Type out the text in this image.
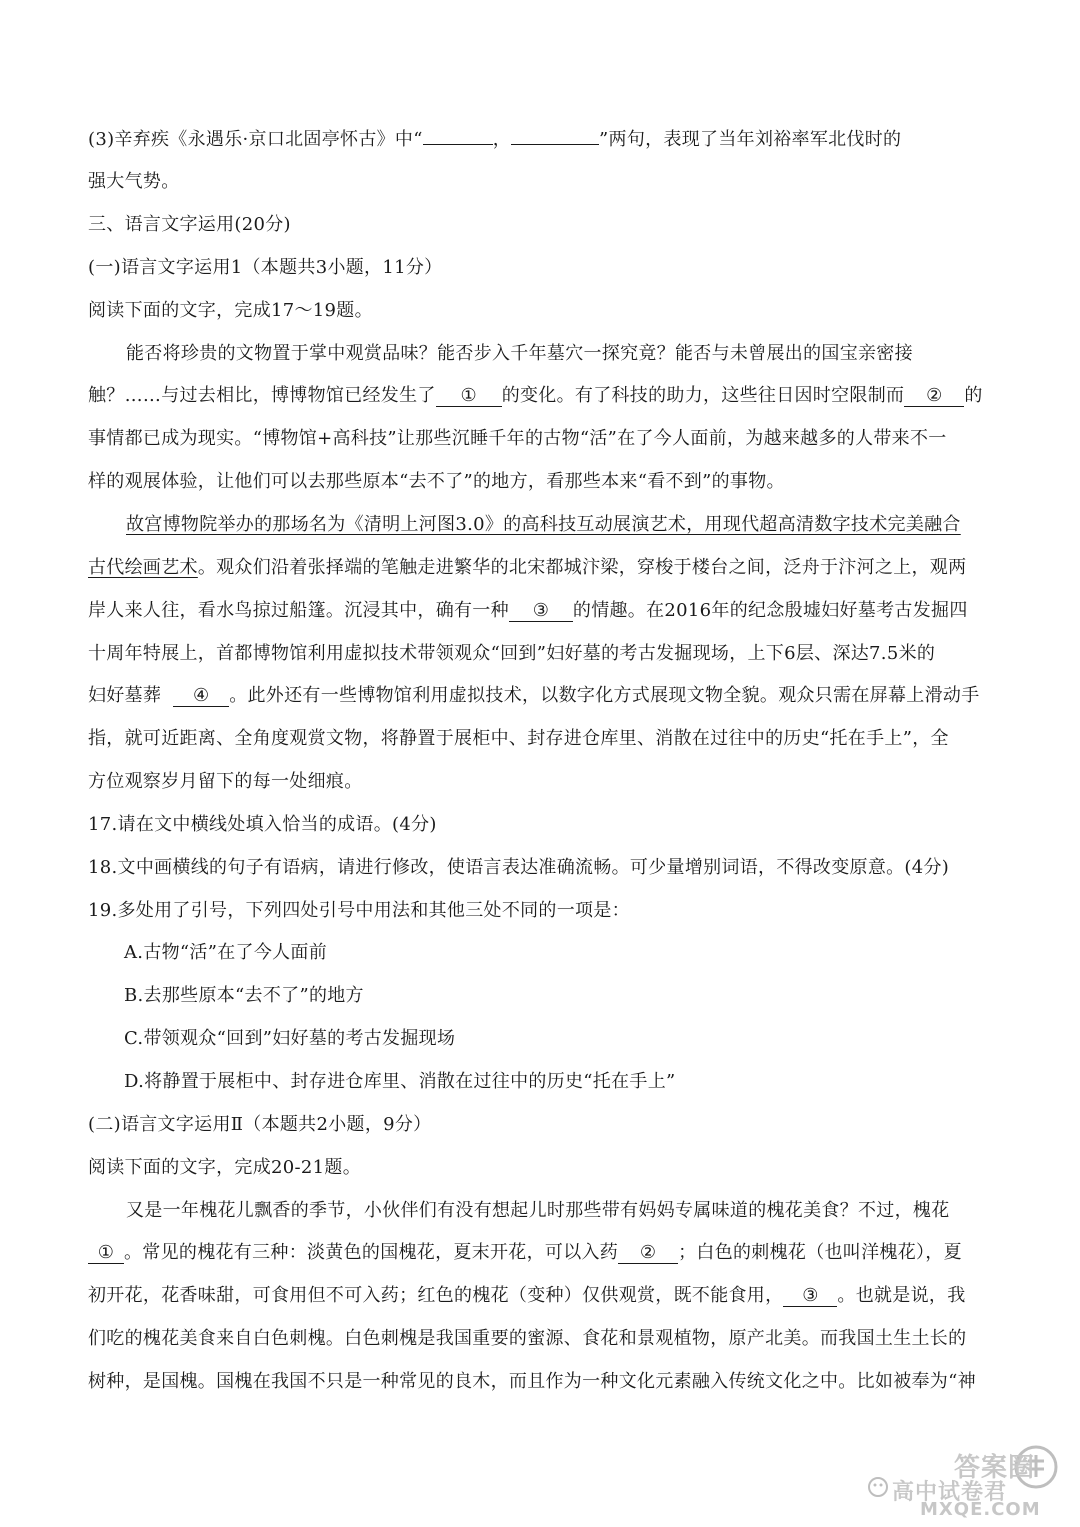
(3)辛弃疾《永遇乐·京口北固亭怀古》中“	，	”两句，表现了当年刘裕率军北伐时的
强大气势。
三、语言文字运用(20分)
(一)语言文字运用1（本题共3小题，11分）
阅读下面的文字，完成17～19题。
能否将珍贵的文物置于掌中观赏品味？能否步入千年墓穴一探究竟？能否与未曾展出的国宝亲密接
触？……与过去相比，博博物馆已经发生了 ① 的变化。有了科技的助力，这些往日因时空限制而 ② 的
事情都已成为现实。“博物馆+高科技”让那些沉睡千年的古物“活”在了今人面前，为越来越多的人带来不一
样的观展体验，让他们可以去那些原本“去不了”的地方，看那些本来“看不到”的事物。
故宫博物院举办的那场名为《清明上河图3.0》的高科技互动展演艺术，用现代超高清数字技术完美融合
古代绘画艺术。观众们沿着张择端的笔触走进繁华的北宋都城汴梁，穿梭于楼台之间，泛舟于汴河之上，观两
岸人来人往，看水鸟掠过船篷。沉浸其中，确有一种 ③ 的情趣。在2016年的纪念殷墟妇好墓考古发掘四
十周年特展上，首都博物馆利用虚拟技术带领观众“回到”妇好墓的考古发掘现场，上下6层、深达7.5米的
妇好墓葬 ④ 。此外还有一些博物馆利用虚拟技术，以数字化方式展现文物全貌。观众只需在屏幕上滑动手
指，就可近距离、全角度观赏文物，将静置于展柜中、封存进仓库里、消散在过往中的历史“托在手上”，全
方位观察岁月留下的每一处细痕。
17.请在文中横线处填入恰当的成语。(4分)
18.文中画横线的句子有语病，请进行修改，使语言表达准确流畅。可少量增别词语，不得改变原意。(4分)
19.多处用了引号，下列四处引号中用法和其他三处不同的一项是：
A.古物“活”在了今人面前
B.去那些原本“去不了”的地方
C.带领观众“回到”妇好墓的考古发掘现场
D.将静置于展柜中、封存进仓库里、消散在过往中的历史“托在手上”
(二)语言文字运用Ⅱ（本题共2小题，9分）
阅读下面的文字，完成20-21题。
又是一年槐花儿飘香的季节，小伙伴们有没有想起儿时那些带有妈妈专属味道的槐花美食？不过，槐花
① 。常见的槐花有三种：淡黄色的国槐花，夏末开花，可以入药 ② ；白色的刺槐花（也叫洋槐花），夏
初开花，花香味甜，可食用但不可入药；红色的槐花（变种）仅供观赏，既不能食用， ③ 。也就是说，我
们吃的槐花美食来自白色刺槐。白色刺槐是我国重要的蜜源、食花和景观植物，原产北美。而我国土生土长的
树种，是国槐。国槐在我国不只是一种常见的良木，而且作为一种文化元素融入传统文化之中。比如被奉为“神
答案圈
高中试卷君
MXQE.COM
